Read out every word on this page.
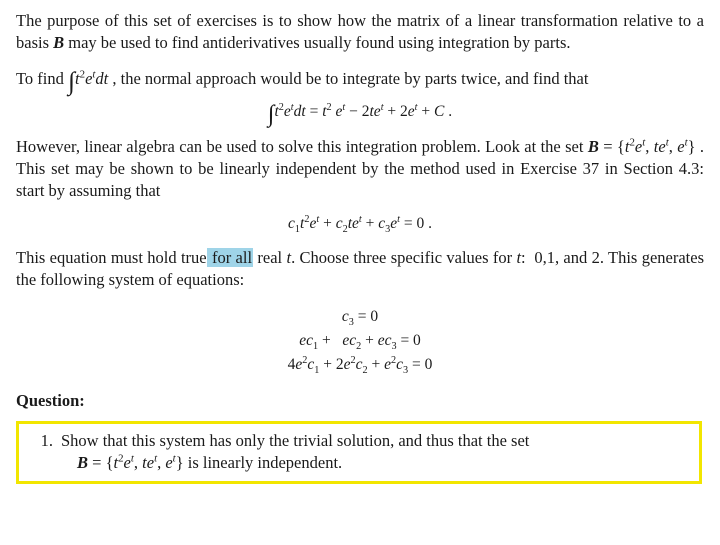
The purpose of this set of exercises is to show how the matrix of a linear transformation relative to a basis B may be used to find antiderivatives usually found using integration by parts.

To find $\int t^2e^tdt$ , the normal approach would be to integrate by parts twice, and find that

$\int t^2e^tdt = t^2$ $e^t - 2te^t + 2e^t + C$ .

However, linear algebra can be used to solve this integration problem. Look at the set $B = \{t^2e^t$, $te^t$, $e^t$} . This set may be shown to be linearly independent by the method used in Exercise 37 in Section 4.3: start by assuming that

$c_1t^2e^t + c_2te^t + c_3e^t = 0$ .

This equation must hold true for all real t. Choose three specific values for t:  0,1, and 2. This generates the following system of equations:

$c_3 = 0$
$ec_1 + ec_2 + ec_3 = 0$
$4e^2c_1 + 2e^2c_2 + e^2c_3 = 0$
Question:
1. Show that this system has only the trivial solution, and thus that the set
$B = \{t^2e^t$, $te^t$, $e^t$} is linearly independent.
